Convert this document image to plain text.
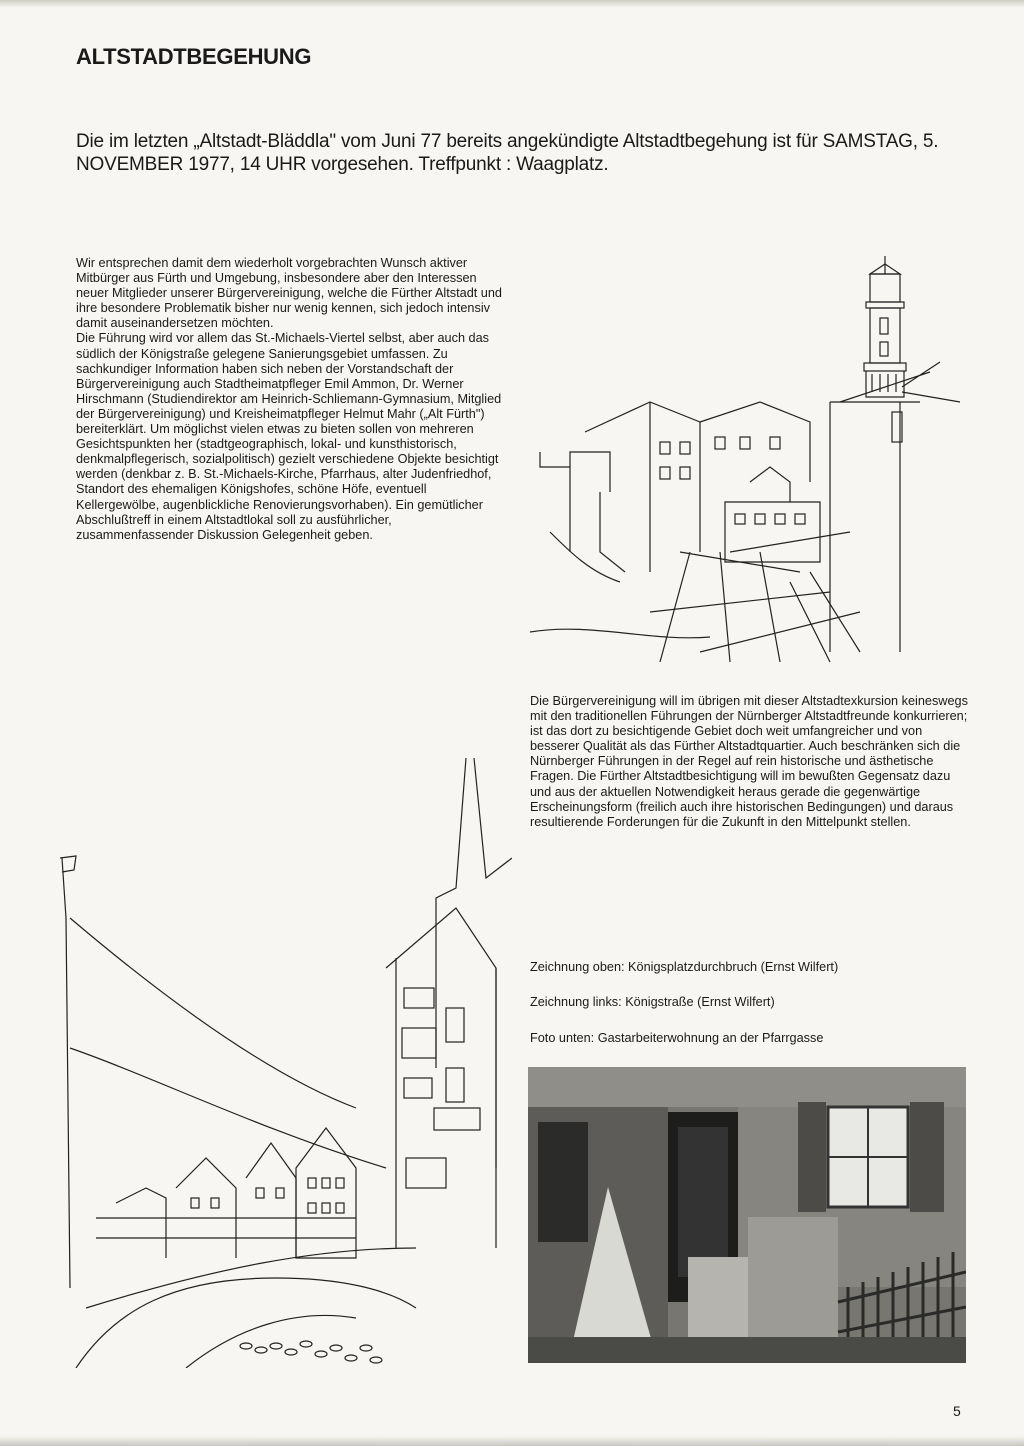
ALTSTADTBEGEHUNG

Die im letzten „Altstadt-Bläddla" vom Juni 77 bereits angekündigte Altstadtbegehung ist für SAMSTAG, 5. NOVEMBER 1977, 14 UHR vorgesehen. Treffpunkt : Waagplatz.

Wir entsprechen damit dem wiederholt vorgebrachten Wunsch aktiver Mitbürger aus Fürth und Umgebung, insbesondere aber den Interessen neuer Mitglieder unserer Bürgervereinigung, welche die Fürther Altstadt und ihre besondere Problematik bisher nur wenig kennen, sich jedoch intensiv damit auseinandersetzen möchten.

Die Führung wird vor allem das St.-Michaels-Viertel selbst, aber auch das südlich der Königstraße gelegene Sanierungsgebiet umfassen. Zu sachkundiger Information haben sich neben der Vorstandschaft der Bürgervereinigung auch Stadtheimatpfleger Emil Ammon, Dr. Werner Hirschmann (Studiendirektor am Heinrich-Schliemann-Gymnasium, Mitglied der Bürgervereinigung) und Kreisheimatpfleger Helmut Mahr („Alt Fürth") bereiterklärt. Um möglichst vielen etwas zu bieten sollen von mehreren Gesichtspunkten her (stadtgeographisch, lokal- und kunsthistorisch, denkmalpflegerisch, sozialpolitisch) gezielt verschiedene Objekte besichtigt werden (denkbar z. B. St.-Michaels-Kirche, Pfarrhaus, alter Judenfriedhof, Standort des ehemaligen Königshofes, schöne Höfe, eventuell Kellergewölbe, augenblickliche Renovierungsvorhaben). Ein gemütlicher Abschlußtreff in einem Altstadtlokal soll zu ausführlicher, zusammenfassender Diskussion Gelegenheit geben.

Die Bürgervereinigung will im übrigen mit dieser Altstadtexkursion keineswegs mit den traditionellen Führungen der Nürnberger Altstadtfreunde konkurrieren; ist das dort zu besichtigende Gebiet doch weit umfangreicher und von besserer Qualität als das Fürther Altstadtquartier. Auch beschränken sich die Nürnberger Führungen in der Regel auf rein historische und ästhetische Fragen. Die Fürther Altstadtbesichtigung will im bewußten Gegensatz dazu und aus der aktuellen Notwendigkeit heraus gerade die gegenwärtige Erscheinungsform (freilich auch ihre historischen Bedingungen) und daraus resultierende Forderungen für die Zukunft in den Mittelpunkt stellen.

Zeichnung oben: Königsplatzdurchbruch (Ernst Wilfert)
Zeichnung links: Königstraße (Ernst Wilfert)
Foto unten: Gastarbeiterwohnung an der Pfarrgasse
5
